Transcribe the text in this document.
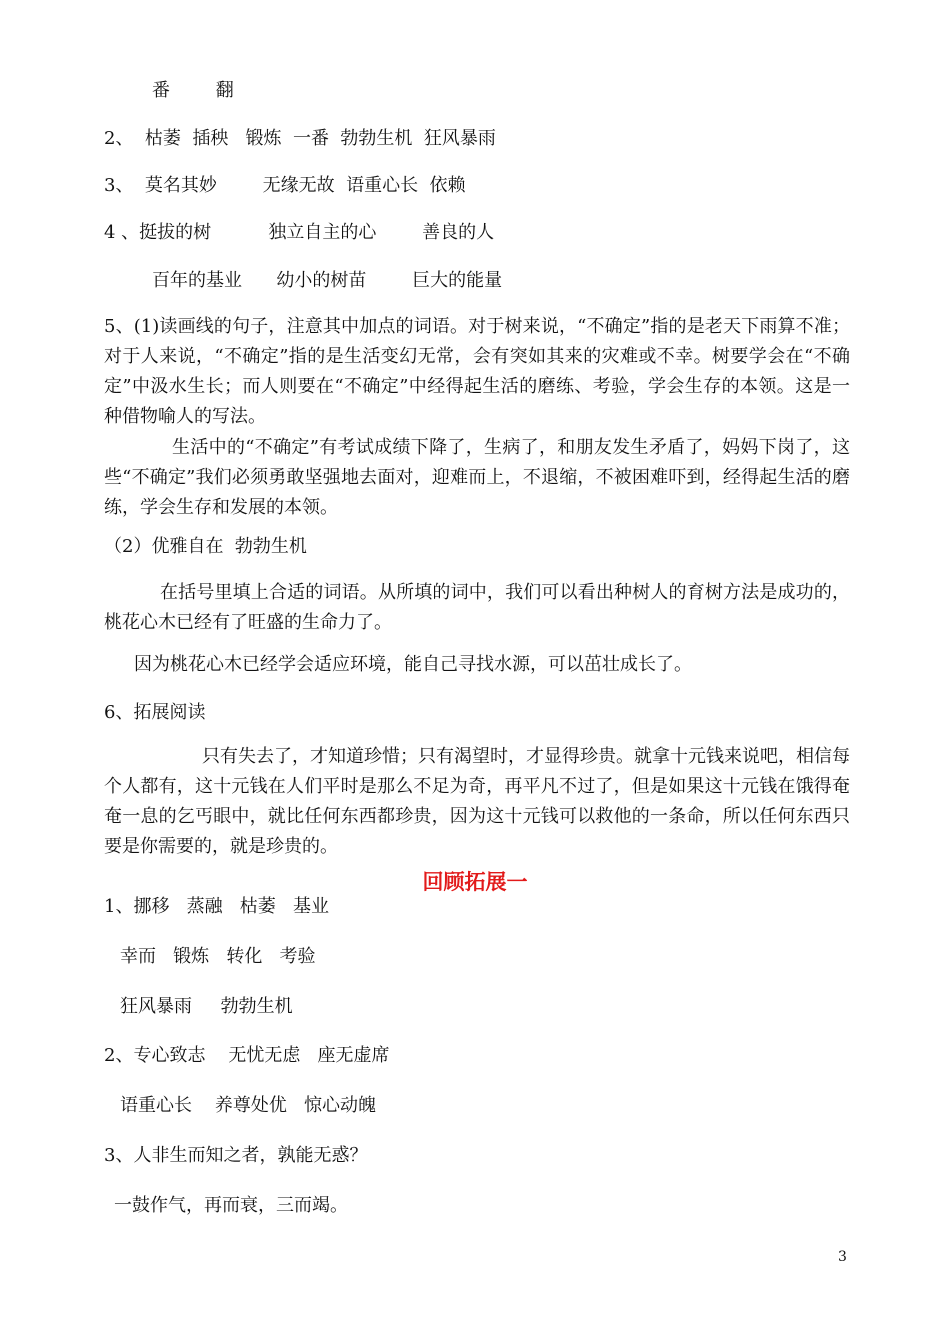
番        翻
2、  枯萎  插秧   锻炼  一番  勃勃生机  狂风暴雨
3、  莫名其妙        无缘无故  语重心长  依赖
4 、挺拔的树          独立自主的心        善良的人
百年的基业      幼小的树苗        巨大的能量
5、(1)读画线的句子，注意其中加点的词语。对于树来说，“不确定”指的是老天下雨算不准；对于人来说，“不确定”指的是生活变幻无常，会有突如其来的灾难或不幸。树要学会在“不确定”中汲水生长；而人则要在“不确定”中经得起生活的磨练、考验，学会生存的本领。这是一种借物喻人的写法。
生活中的“不确定”有考试成绩下降了，生病了，和朋友发生矛盾了，妈妈下岗了，这些“不确定”我们必须勇敢坚强地去面对，迎难而上，不退缩，不被困难吓到，经得起生活的磨练，学会生存和发展的本领。
（2）优雅自在  勃勃生机
在括号里填上合适的词语。从所填的词中，我们可以看出种树人的育树方法是成功的，桃花心木已经有了旺盛的生命力了。
因为桃花心木已经学会适应环境，能自己寻找水源，可以茁壮成长了。
6、拓展阅读
只有失去了，才知道珍惜；只有渴望时，才显得珍贵。就拿十元钱来说吧，相信每个人都有，这十元钱在人们平时是那么不足为奇，再平凡不过了，但是如果这十元钱在饿得奄奄一息的乞丐眼中，就比任何东西都珍贵，因为这十元钱可以救他的一条命，所以任何东西只要是你需要的，就是珍贵的。
回顾拓展一
1、挪移   蒸融   枯萎   基业
幸而   锻炼   转化   考验
狂风暴雨     勃勃生机
2、专心致志    无忧无虑   座无虚席
语重心长    养尊处优   惊心动魄
3、人非生而知之者，孰能无惑？
一鼓作气，再而衰，三而竭。
3
